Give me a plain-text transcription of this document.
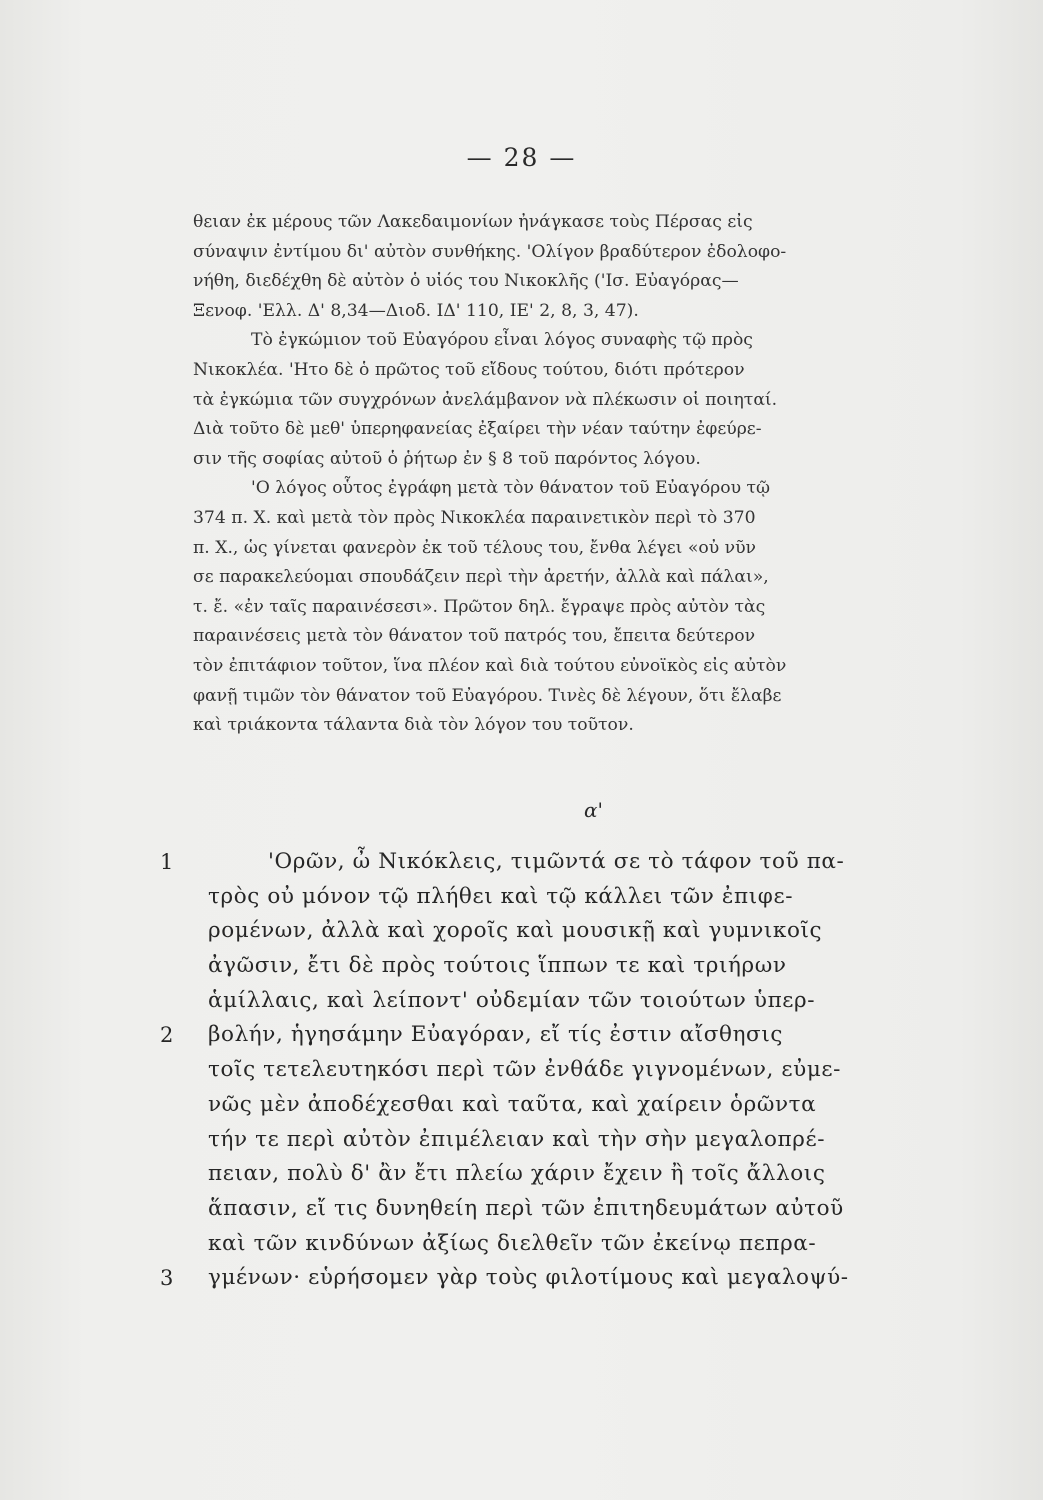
— 28 —
θειαν ἐκ μέρους τῶν Λακεδαιμονίων ἠνάγκασε τοὺς Πέρσας εἰς
σύναψιν ἐντίμου δι' αὐτὸν συνθήκης. 'Ολίγον βραδύτερον ἐδολοφο-
νήθη, διεδέχθη δὲ αὐτὸν ὁ υἱός του Νικοκλῆς ('Ισ. Εὐαγόρας—
Ξενοφ. 'Ελλ. Δ' 8,34—Διοδ. ΙΔ' 110, ΙΕ' 2, 8, 3, 47).
Τὸ ἐγκώμιον τοῦ Εὐαγόρου εἶναι λόγος συναφὴς τῷ πρὸς
Νικοκλέα. 'Ητο δὲ ὁ πρῶτος τοῦ εἴδους τούτου, διότι πρότερον
τὰ ἐγκώμια τῶν συγχρόνων ἀνελάμβανον νὰ πλέκωσιν οἱ ποιηταί.
Διὰ τοῦτο δὲ μεθ' ὑπερηφανείας ἐξαίρει τὴν νέαν ταύτην ἐφεύρε-
σιν τῆς σοφίας αὐτοῦ ὁ ῥήτωρ ἐν § 8 τοῦ παρόντος λόγου.
'Ο λόγος οὗτος ἐγράφη μετὰ τὸν θάνατον τοῦ Εὐαγόρου τῷ
374 π. Χ. καὶ μετὰ τὸν πρὸς Νικοκλέα παραινετικὸν περὶ τὸ 370
π. Χ., ὡς γίνεται φανερὸν ἐκ τοῦ τέλους του, ἔνθα λέγει «οὐ νῦν
σε παρακελεύομαι σπουδάζειν περὶ τὴν ἀρετήν, ἀλλὰ καὶ πάλαι»,
τ. ἔ. «ἐν ταῖς παραινέσεσι». Πρῶτον δηλ. ἔγραψε πρὸς αὐτὸν τὰς
παραινέσεις μετὰ τὸν θάνατον τοῦ πατρός του, ἔπειτα δεύτερον
τὸν ἐπιτάφιον τοῦτον, ἵνα πλέον καὶ διὰ τούτου εὐνοϊκὸς εἰς αὐτὸν
φανῇ τιμῶν τὸν θάνατον τοῦ Εὐαγόρου. Τινὲς δὲ λέγουν, ὅτι ἔλαβε
καὶ τριάκοντα τάλαντα διὰ τὸν λόγον του τοῦτον.
α'
1	'Ορῶν, ὦ Νικόκλεις, τιμῶντά σε τὸ τάφον τοῦ πα-
τρὸς οὐ μόνον τῷ πλήθει καὶ τῷ κάλλει τῶν ἐπιφε-
ρομένων, ἀλλὰ καὶ χοροῖς καὶ μουσικῇ καὶ γυμνικοῖς
ἀγῶσιν, ἔτι δὲ πρὸς τούτοις ἵππων τε καὶ τριήρων
ἁμίλλαις, καὶ λείποντ' οὐδεμίαν τῶν τοιούτων ὑπερ-
2	βολήν, ἡγησάμην Εὐαγόραν, εἴ τίς ἐστιν αἴσθησις
τοῖς τετελευτηκόσι περὶ τῶν ἐνθάδε γιγνομένων, εὐμε-
νῶς μὲν ἀποδέχεσθαι καὶ ταῦτα, καὶ χαίρειν ὁρῶντα
τήν τε περὶ αὐτὸν ἐπιμέλειαν καὶ τὴν σὴν μεγαλοπρέ-
πειαν, πολὺ δ' ἂν ἔτι πλείω χάριν ἔχειν ἢ τοῖς ἄλλοις
ἅπασιν, εἴ τις δυνηθείη περὶ τῶν ἐπιτηδευμάτων αὐτοῦ
καὶ τῶν κινδύνων ἀξίως διελθεῖν τῶν ἐκείνῳ πεπρα-
3	γμένων· εὑρήσομεν γὰρ τοὺς φιλοτίμους καὶ μεγαλοψύ-
